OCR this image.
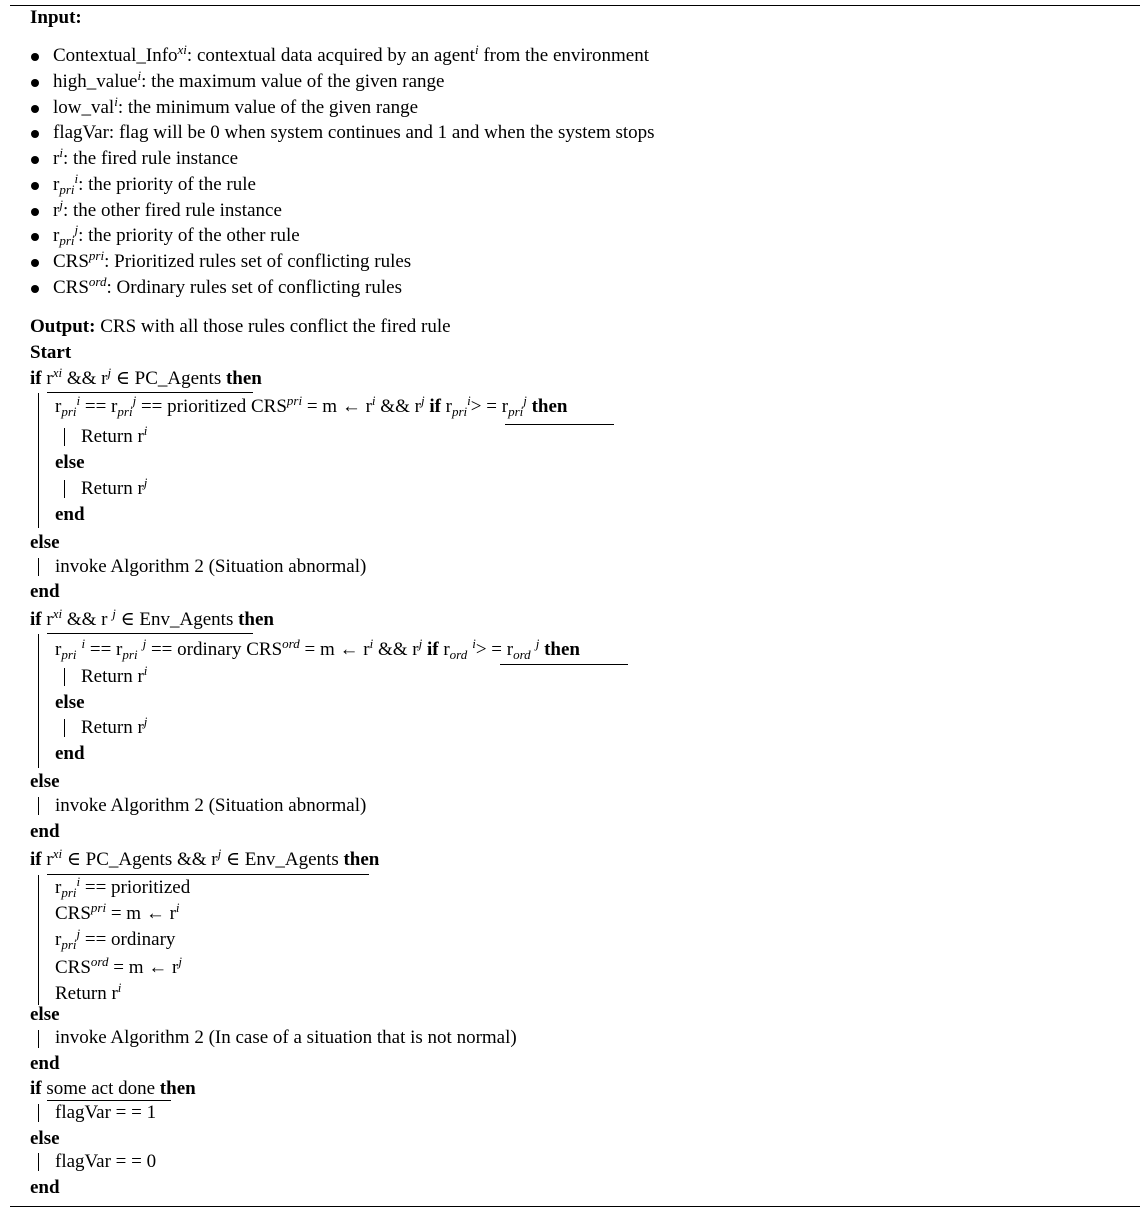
Input:
Contextual_Info$^{xi}$: contextual data acquired by an agent$^i$ from the environment
high_value$^i$: the maximum value of the given range
low_val$^i$: the minimum value of the given range
flagVar: flag will be 0 when system continues and 1 and when the system stops
$r^i$: the fired rule instance
$r_{pri}^i$: the priority of the rule
$r^j$: the other fired rule instance
$r_{pri}^j$: the priority of the other rule
$CRS^{pri}$: Prioritized rules set of conflicting rules
$CRS^{ord}$: Ordinary rules set of conflicting rules
Output: CRS with all those rules conflict the fired rule
Start
if $r^{xi}$ && $r^j$ ∈ PC_Agents then
$r_{pri}^i == r_{pri}^j$ == prioritized $CRS^{pri} = m$ ← $r^i$ && $r^j$ if $r_{pri}^i> = r_{pri}^j$ then
Return $r^i$
else
Return $r^j$
end
else
invoke Algorithm 2 (Situation abnormal)
end
if $r^{xi}$ && r $^j$ ∈ Env_Agents then
$r_{pri}^i == r_{pri}^j$ == ordinary $CRS^{ord} = m$ ← $r^i$ && $r^j$ if $r_{ord}^i> = r_{ord}^j$ then
Return $r^i$
else
Return $r^j$
end
else
invoke Algorithm 2 (Situation abnormal)
end
if $r^{xi}$ ∈ PC_Agents && $r^j$ ∈ Env_Agents then
$r_{pri}^i$ == prioritized
$CRS^{pri} = m$ ← $r^i$
$r_{pri}^j$ == ordinary
$CRS^{ord} = m$ ← $r^j$
Return $r^i$
else
invoke Algorithm 2 (In case of a situation that is not normal)
end
if some act done then
flagVar = = 1
else
flagVar = = 0
end
